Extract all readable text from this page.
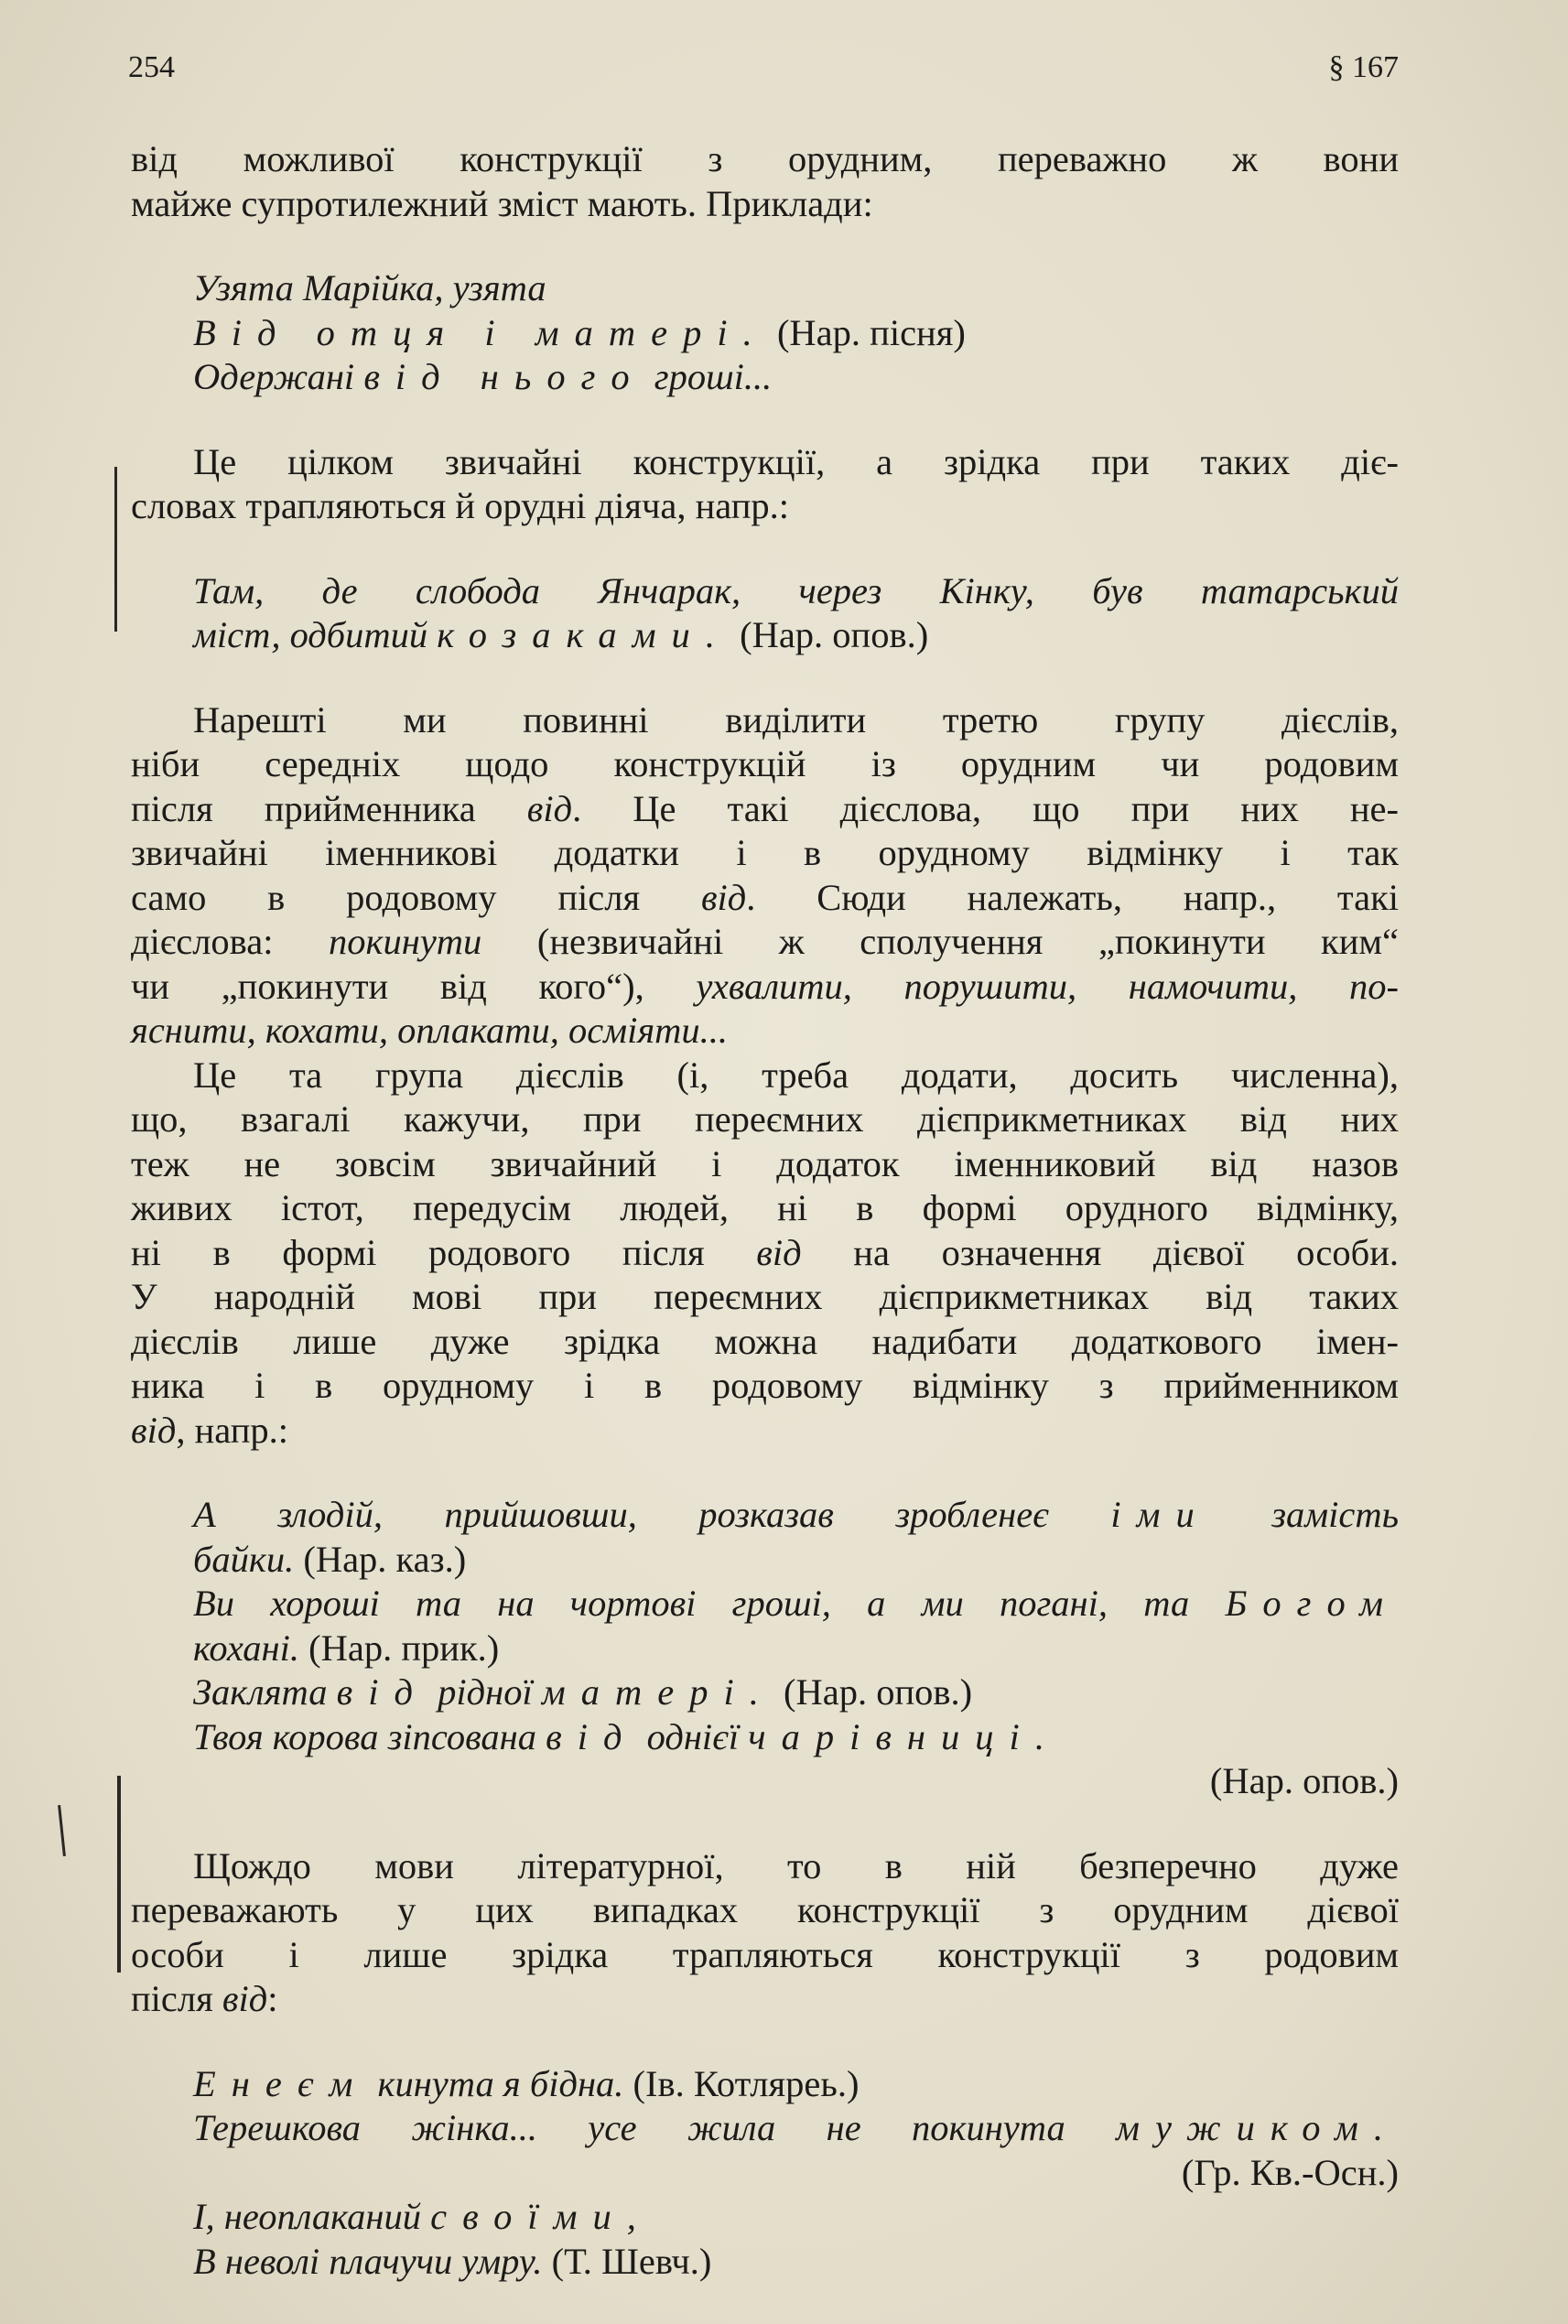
254	§ 167

від можливої конструкції з орудним, переважно ж вони

майже супротилежний зміст мають. Приклади:

Узята Марійка, узята
Від отця і матері. (Нар. пісня)
Одержані від нього гроші...

Це цілком звичайні конструкції, а зрідка при таких діє-

словах трапляються й орудні діяча, напр.:

Там, де слобода Янчарак, через Кінку, був татарський
міст, одбитий козаками. (Нар. опов.)

Нарешті ми повинні виділити третю групу дієслів,

ніби середніх щодо конструкцій із орудним чи родовим

після прийменника від. Це такі дієслова, що при них не-

звичайні іменникові додатки і в орудному відмінку і так

само в родовому після від. Сюди належать, напр., такі

дієслова: покинути (незвичайні ж сполучення „покинути ким“

чи „покинути від кого“), ухвалити, порушити, намочити, по-

яснити, кохати, оплакати, осміяти...

Це та група дієслів (і, треба додати, досить численна),

що, взагалі кажучи, при переємних дієприкметниках від них

теж не зовсім звичайний і додаток іменниковий від назов

живих істот, передусім людей, ні в формі орудного відмінку,

ні в формі родового після від на означення дієвої особи.

У народній мові при переємних дієприкметниках від таких

дієслів лише дуже зрідка можна надибати додаткового імен-

ника і в орудному і в родовому відмінку з прийменником

від, напр.:

А злодій, прийшовши, розказав зробленеє іми замість
байки. (Нар. каз.)
Ви хороші та на чортові гроші, а ми погані, та Богом
кохані. (Нар. прик.)
Заклята від рідної матері. (Нар. опов.)
Твоя корова зіпсована від однієї чарівниці.
(Нар. опов.)

Щождо мови літературної, то в ній безперечно дуже

переважають у цих випадках конструкції з орудним дієвої

особи і лише зрідка трапляються конструкції з родовим

після від:

Енеєм кинута я бідна. (Ів. Котляреь.)
Терешкова жінка... усе жила не покинута мужиком.
(Гр. Кв.-Осн.)
І, неоплаканий своїми,
В неволі плачучи умру. (Т. Шевч.)
